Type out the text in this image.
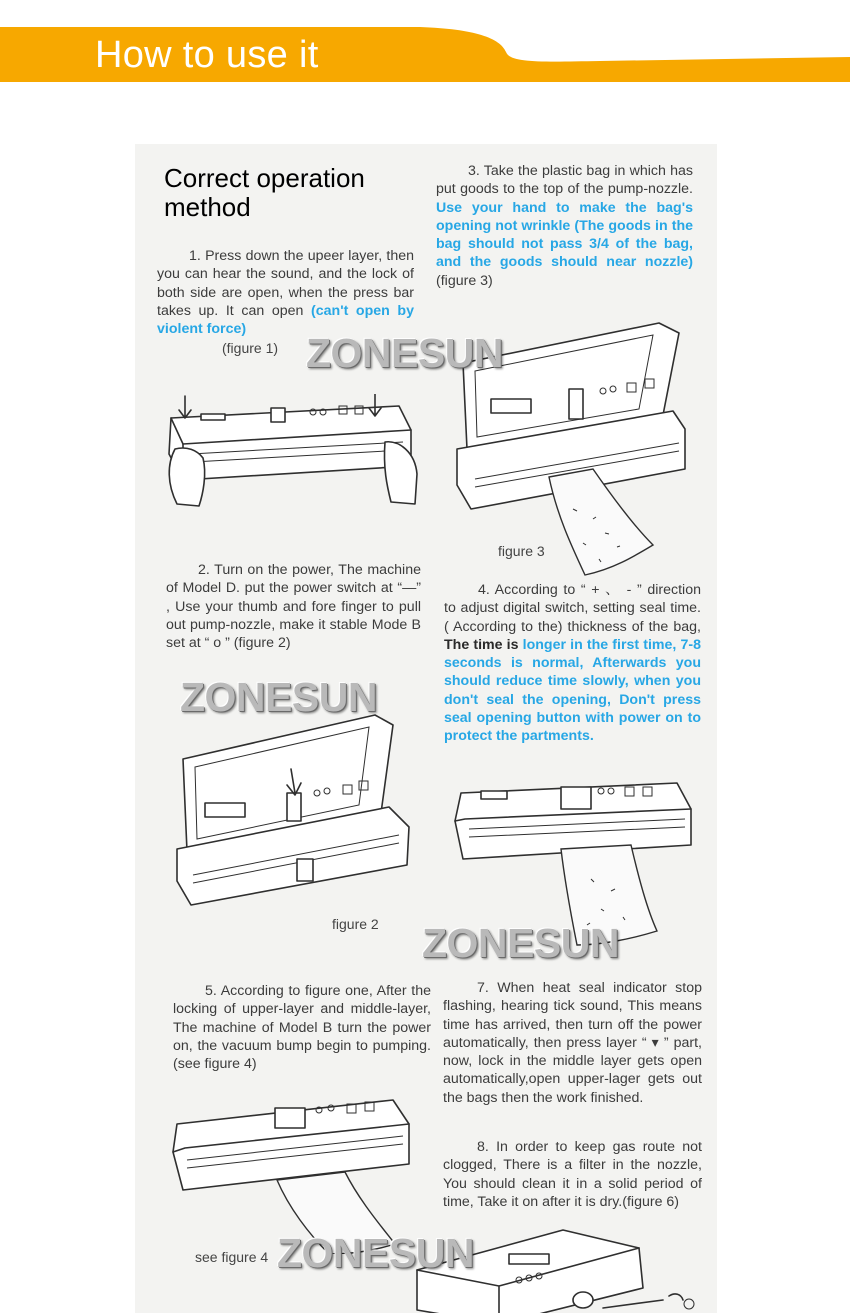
How to use it
Correct operation method
1. Press down the upeer layer, then you can hear the sound, and the lock of both side are open, when the press bar takes up. It can open (can't open by violent force)
(figure 1)
3. Take the plastic bag in which has put goods to the top of the pump-nozzle. Use your hand to make the bag's opening not wrinkle (The goods in the bag should not pass 3/4 of the bag, and the goods should near nozzle) (figure 3)
figure 3
2. Turn on the power, The machine of Model D. put the power switch at “—” , Use your thumb and fore finger to pull out pump-nozzle, make it stable Mode B set at “ o ” (figure 2)
4. According to “ + 、 - ” direction to adjust digital switch, setting seal time.( According to the) thickness of the bag, The time is longer in the first time, 7-8 seconds is normal, Afterwards you should reduce time slowly, when you don't seal the opening, Don't press seal opening button with power on to protect the partments.
figure 2
5. According to figure one, After the locking of upper-layer and middle-layer, The machine of Model B turn the power on, the vacuum bump begin to pumping.(see figure 4)
7. When heat seal indicator stop flashing, hearing tick sound, This means time has arrived, then turn off the power automatically, then press layer “ ▾ ” part, now, lock in the middle layer gets open automatically,open upper-lager gets out the bags then the work finished.
8. In order to keep gas route not clogged, There is a filter in the nozzle, You should clean it in a solid period of time, Take it on after it is dry.(figure 6)
see figure 4
ZONESUN
ZONESUN
ZONESUN
ZONESUN
